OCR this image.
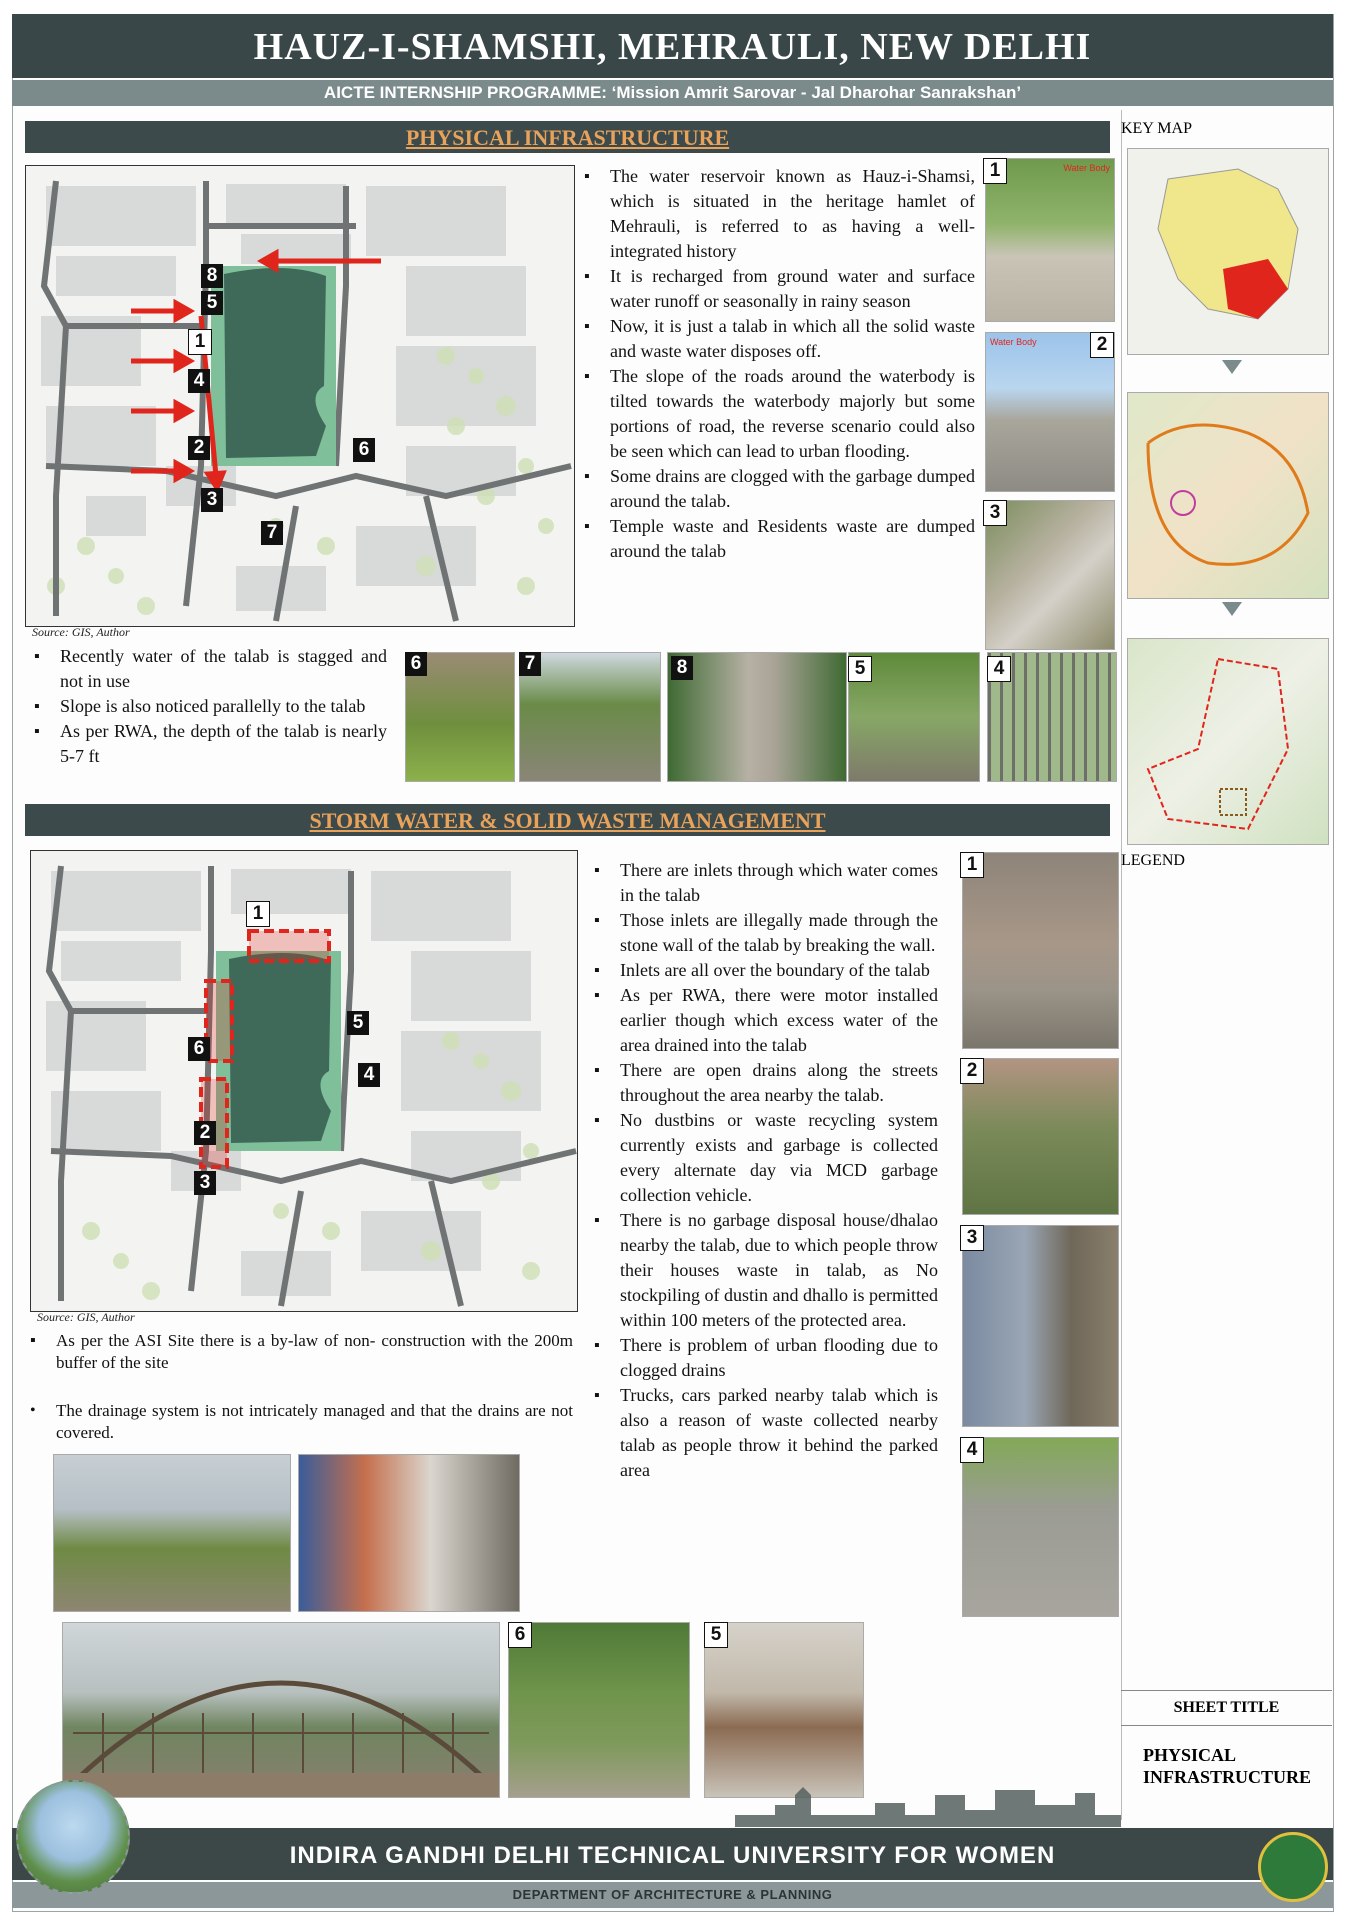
HAUZ-I-SHAMSHI, MEHRAULI, NEW DELHI
AICTE INTERNSHIP PROGRAMME: ‘Mission Amrit Sarovar - Jal Dharohar Sanrakshan’
PHYSICAL INFRASTRUCTURE
8
5
1
4
2
3
6
7
Source: GIS, Author
▪ The water reservoir known as Hauz-i-Shamsi, which is situated in the heritage hamlet of Mehrauli, is referred to as having a well-integrated history
▪ It is recharged from ground water and surface water runoff or seasonally in rainy season
▪ Now, it is just a talab in which all the solid waste and waste water disposes off.
▪ The slope of the roads around the waterbody is tilted towards the waterbody majorly but some portions of road, the reverse scenario could also be seen which can lead to urban flooding.
▪ Some drains are clogged with the garbage dumped around the talab.
▪ Temple waste and Residents waste are dumped around the talab
Water Body
1
Water Body	2
3
▪ Recently water of the talab is stagged and not in use
▪ Slope is also noticed parallelly to the talab
▪ As per RWA, the depth of the talab is nearly 5-7 ft
6	7	8	5	4
STORM WATER & SOLID WASTE MANAGEMENT
1
6
2
3
5
4
Source: GIS, Author
▪ There are inlets through which water comes in the talab
▪ Those inlets are illegally made through the stone wall of the talab by breaking the wall.
▪ Inlets are all over the boundary of the talab
▪ As per RWA, there were motor installed earlier though which excess water of the area drained into the talab
▪ There are open drains along the streets throughout the area nearby the talab.
▪ No dustbins or waste recycling system currently exists and garbage is collected every alternate day via MCD garbage collection vehicle.
▪ There is no garbage disposal house/dhalao nearby the talab, due to which people throw their houses waste in talab, as No stockpiling of dustin and dhallo is permitted within 100 meters of the protected area.
▪ There is problem of urban flooding due to clogged drains
▪ Trucks, cars parked nearby talab which is also a reason of waste collected nearby talab as people throw it behind the parked area
1
2
3
4
▪ As per the ASI Site there is a by-law of non- construction with the 200m buffer of the site
• The drainage system is not intricately managed and that the drains are not covered.
6	5
KEY MAP
LEGEND
SHEET TITLE
PHYSICAL INFRASTRUCTURE
INDIRA GANDHI DELHI TECHNICAL UNIVERSITY FOR WOMEN
DEPARTMENT OF ARCHITECTURE & PLANNING
